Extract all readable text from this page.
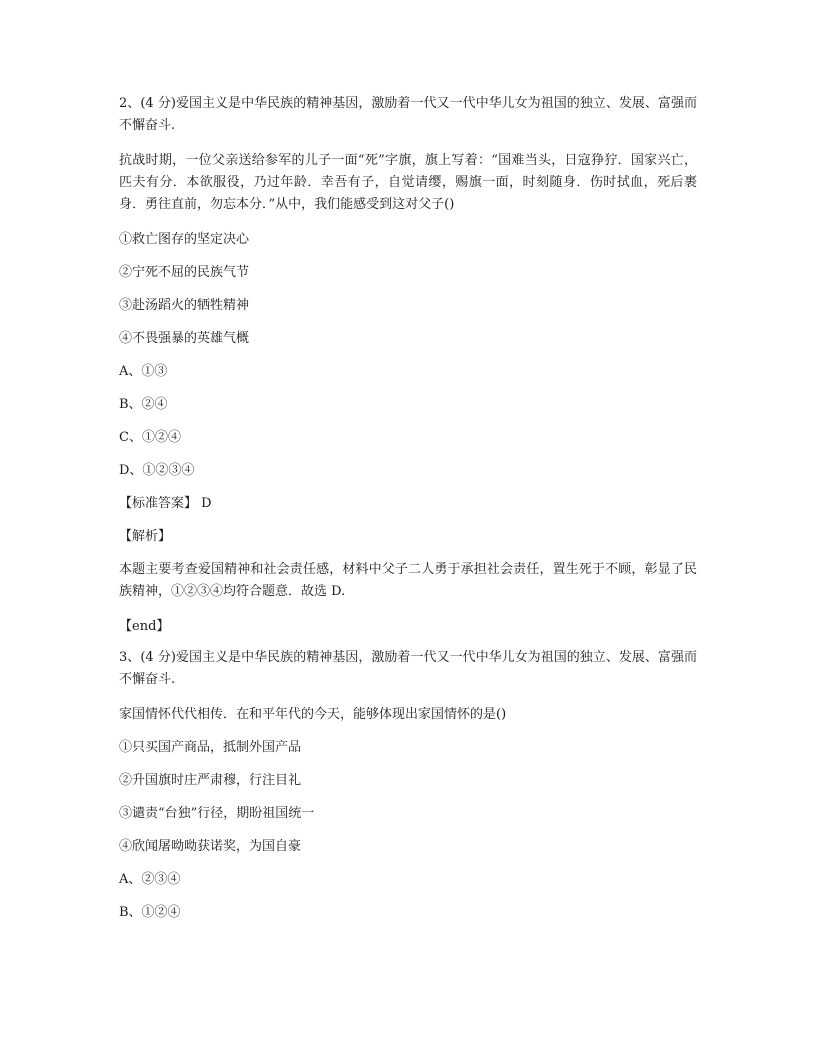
2、(4 分)爱国主义是中华民族的精神基因，激励着一代又一代中华儿女为祖国的独立、发展、富强而不懈奋斗.

抗战时期，一位父亲送给参军的儿子一面“死”字旗，旗上写着：“国难当头，日寇狰狞．国家兴亡，匹夫有分．本欲服役，乃过年龄．幸吾有子，自觉请缨，赐旗一面，时刻随身．伤时拭血，死后裹身．勇往直前，勿忘本分．”从中，我们能感受到这对父子()

①救亡图存的坚定决心

②宁死不屈的民族气节

③赴汤蹈火的牺牲精神

④不畏强暴的英雄气概

A、①③

B、②④

C、①②④

D、①②③④

【标准答案】 D

【解析】

本题主要考查爱国精神和社会责任感，材料中父子二人勇于承担社会责任，置生死于不顾，彰显了民族精神，①②③④均符合题意．故选 D.

【end】

3、(4 分)爱国主义是中华民族的精神基因，激励着一代又一代中华儿女为祖国的独立、发展、富强而不懈奋斗.

家国情怀代代相传．在和平年代的今天，能够体现出家国情怀的是()

①只买国产商品，抵制外国产品

②升国旗时庄严肃穆，行注目礼

③谴责“台独”行径，期盼祖国统一

④欣闻屠呦呦获诺奖，为国自豪

A、②③④

B、①②④
